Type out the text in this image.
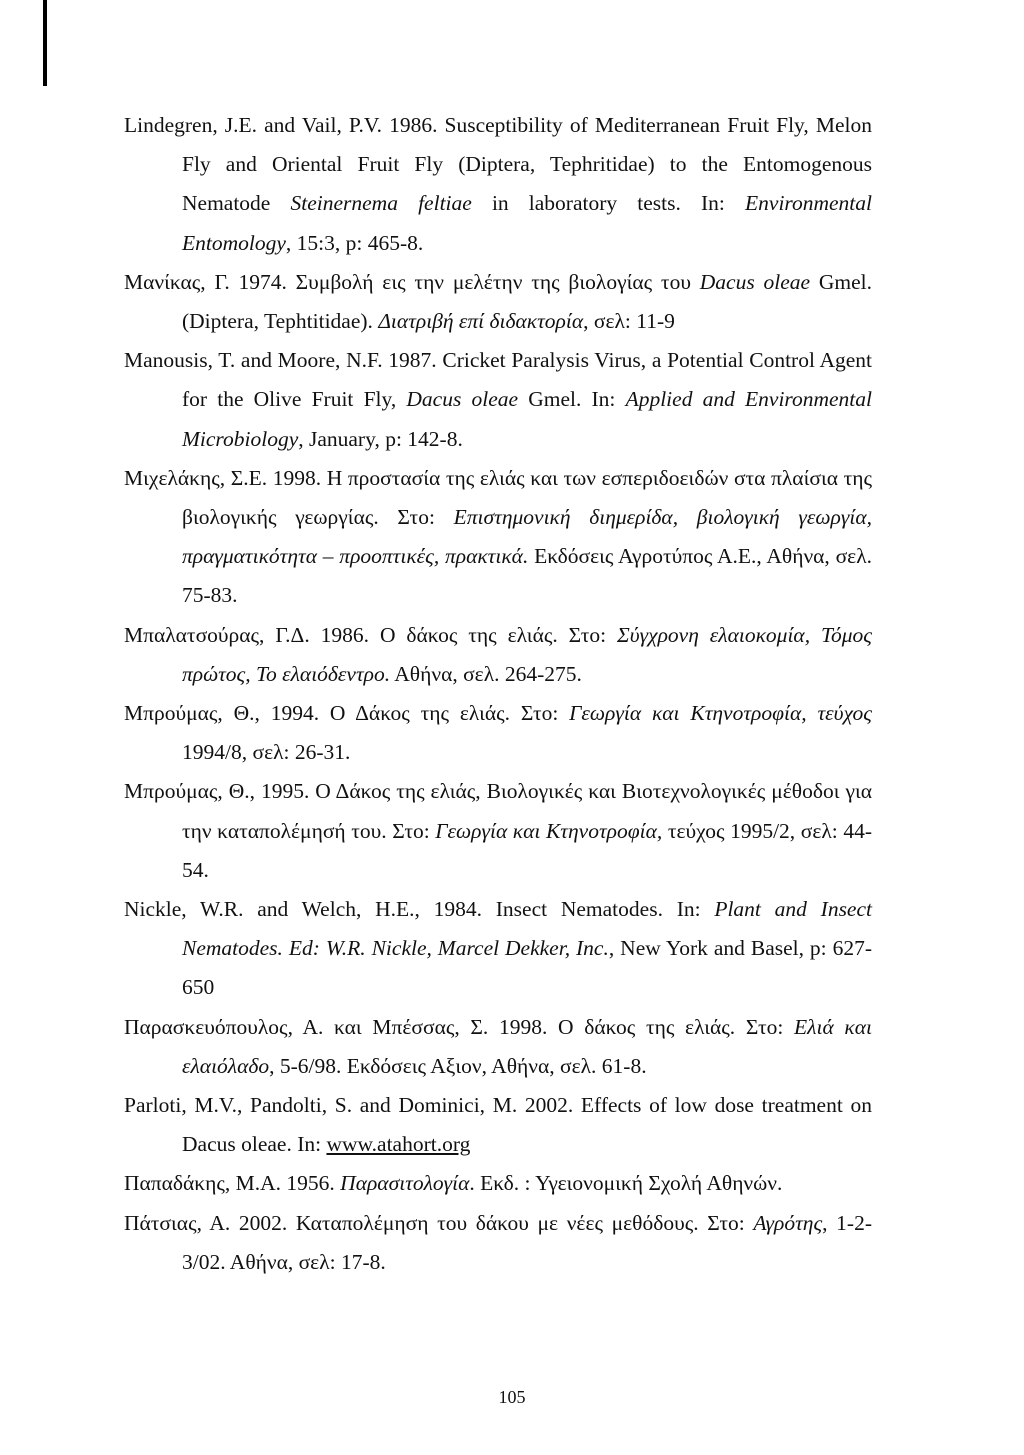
Lindegren, J.E. and Vail, P.V. 1986. Susceptibility of Mediterranean Fruit Fly, Melon Fly and Oriental Fruit Fly (Diptera, Tephritidae) to the Entomogenous Nematode Steinernema feltiae in laboratory tests. In: Environmental Entomology, 15:3, p: 465-8.
Μανίκας, Γ. 1974. Συμβολή εις την μελέτην της βιολογίας του Dacus oleae Gmel. (Diptera, Tephtitidae). Διατριβή επί διδακτορία, σελ: 11-9
Manousis, T. and Moore, N.F. 1987. Cricket Paralysis Virus, a Potential Control Agent for the Olive Fruit Fly, Dacus oleae Gmel. In: Applied and Environmental Microbiology, January, p: 142-8.
Μιχελάκης, Σ.Ε. 1998. Η προστασία της ελιάς και των εσπεριδοειδών στα πλαίσια της βιολογικής γεωργίας. Στο: Επιστημονική διημερίδα, βιολογική γεωργία, πραγματικότητα – προοπτικές, πρακτικά. Εκδόσεις Αγροτύπος Α.Ε., Αθήνα, σελ. 75-83.
Μπαλατσούρας, Γ.Δ. 1986. Ο δάκος της ελιάς. Στο: Σύγχρονη ελαιοκομία, Τόμος πρώτος, Το ελαιόδεντρο. Αθήνα, σελ. 264-275.
Μπρούμας, Θ., 1994. Ο Δάκος της ελιάς. Στο: Γεωργία και Κτηνοτροφία, τεύχος 1994/8, σελ: 26-31.
Μπρούμας, Θ., 1995. Ο Δάκος της ελιάς, Βιολογικές και Βιοτεχνολογικές μέθοδοι για την καταπολέμησή του. Στο: Γεωργία και Κτηνοτροφία, τεύχος 1995/2, σελ: 44-54.
Nickle, W.R. and Welch, H.E., 1984. Insect Nematodes. In: Plant and Insect Nematodes. Ed: W.R. Nickle, Marcel Dekker, Inc., New York and Basel, p: 627-650
Παρασκευόπουλος, Α. και Μπέσσας, Σ. 1998. Ο δάκος της ελιάς. Στο: Ελιά και ελαιόλαδο, 5-6/98. Εκδόσεις Αξιον, Αθήνα, σελ. 61-8.
Parloti, M.V., Pandolti, S. and Dominici, M. 2002. Effects of low dose treatment on Dacus oleae. In: www.atahort.org
Παπαδάκης, Μ.Α. 1956. Παρασιτολογία. Εκδ. : Υγειονομική Σχολή Αθηνών.
Πάτσιας, Α. 2002. Καταπολέμηση του δάκου με νέες μεθόδους. Στο: Αγρότης, 1-2-3/02. Αθήνα, σελ: 17-8.
105
